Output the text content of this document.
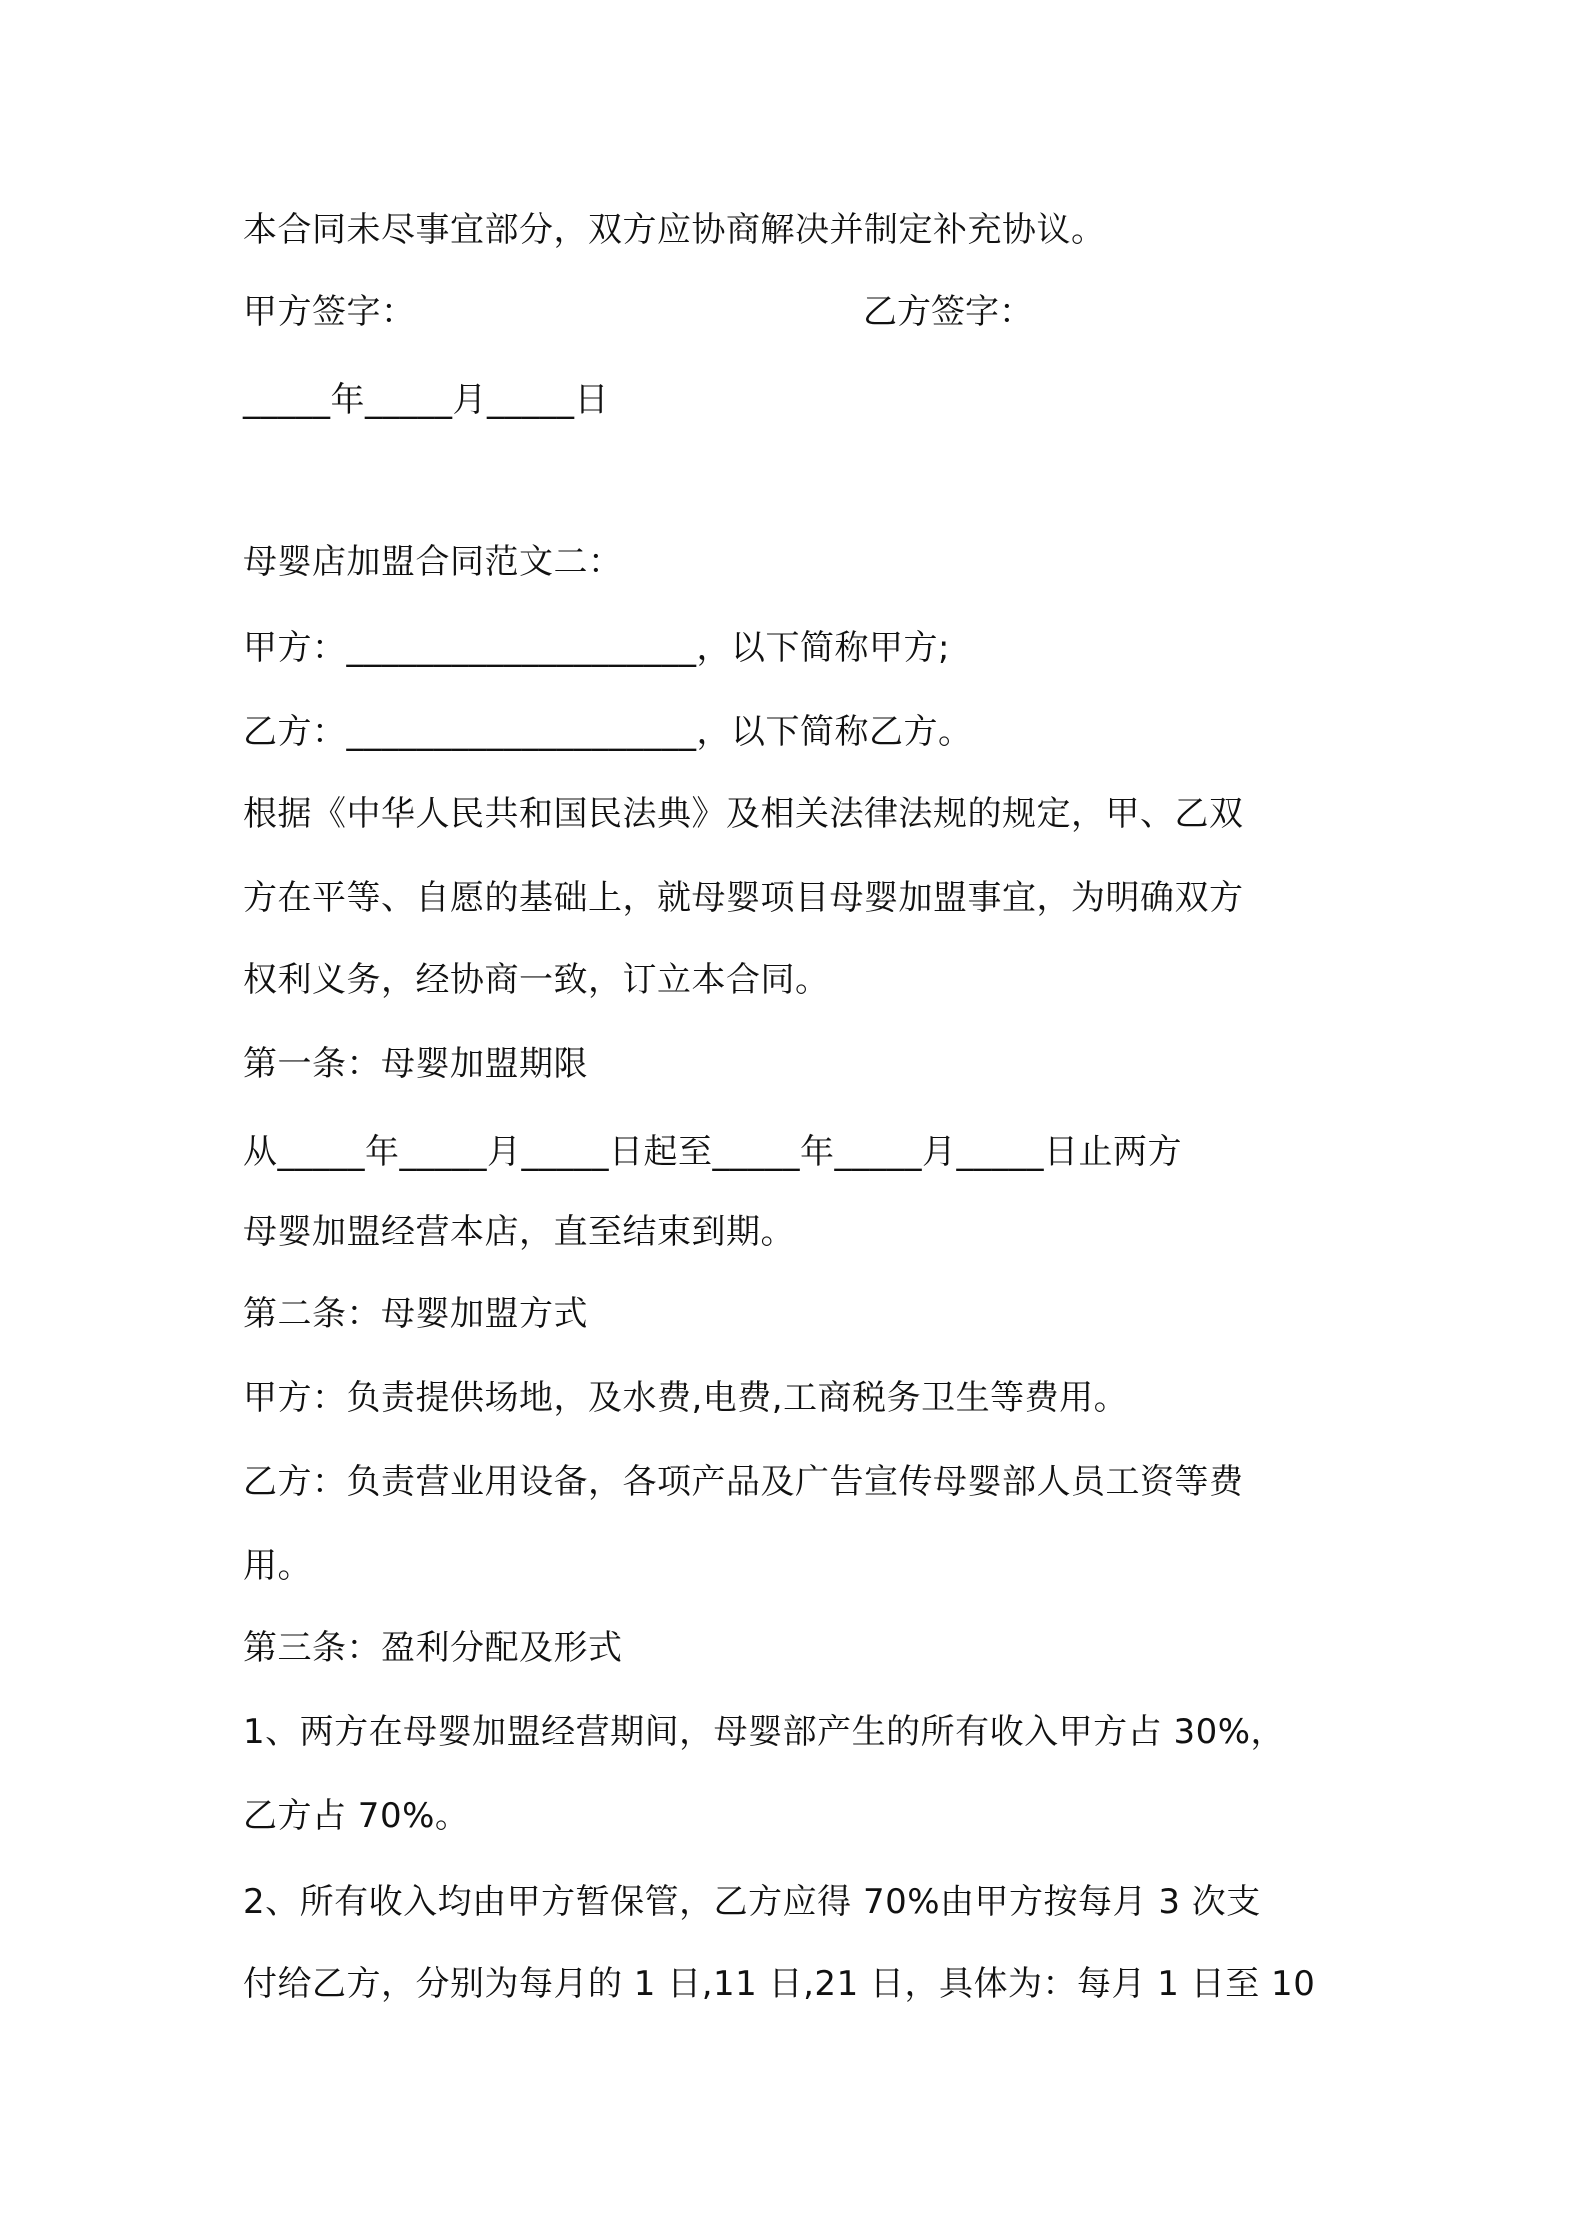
本合同未尽事宜部分，双方应协商解决并制定补充协议。
甲方签字：	乙方签字：
_____年_____月_____日
母婴店加盟合同范文二：
甲方：____________________，以下简称甲方;
乙方：____________________，以下简称乙方。
根据《中华人民共和国民法典》及相关法律法规的规定，甲、乙双
方在平等、自愿的基础上，就母婴项目母婴加盟事宜，为明确双方
权利义务，经协商一致，订立本合同。
第一条：母婴加盟期限
从_____年_____月_____日起至_____年_____月_____日止两方
母婴加盟经营本店，直至结束到期。
第二条：母婴加盟方式
甲方：负责提供场地，及水费,电费,工商税务卫生等费用。
乙方：负责营业用设备，各项产品及广告宣传母婴部人员工资等费
用。
第三条：盈利分配及形式
1、两方在母婴加盟经营期间，母婴部产生的所有收入甲方占 30%，
乙方占 70%。
2、所有收入均由甲方暂保管，乙方应得 70%由甲方按每月 3 次支
付给乙方，分别为每月的 1 日,11 日,21 日，具体为：每月 1 日至 10
